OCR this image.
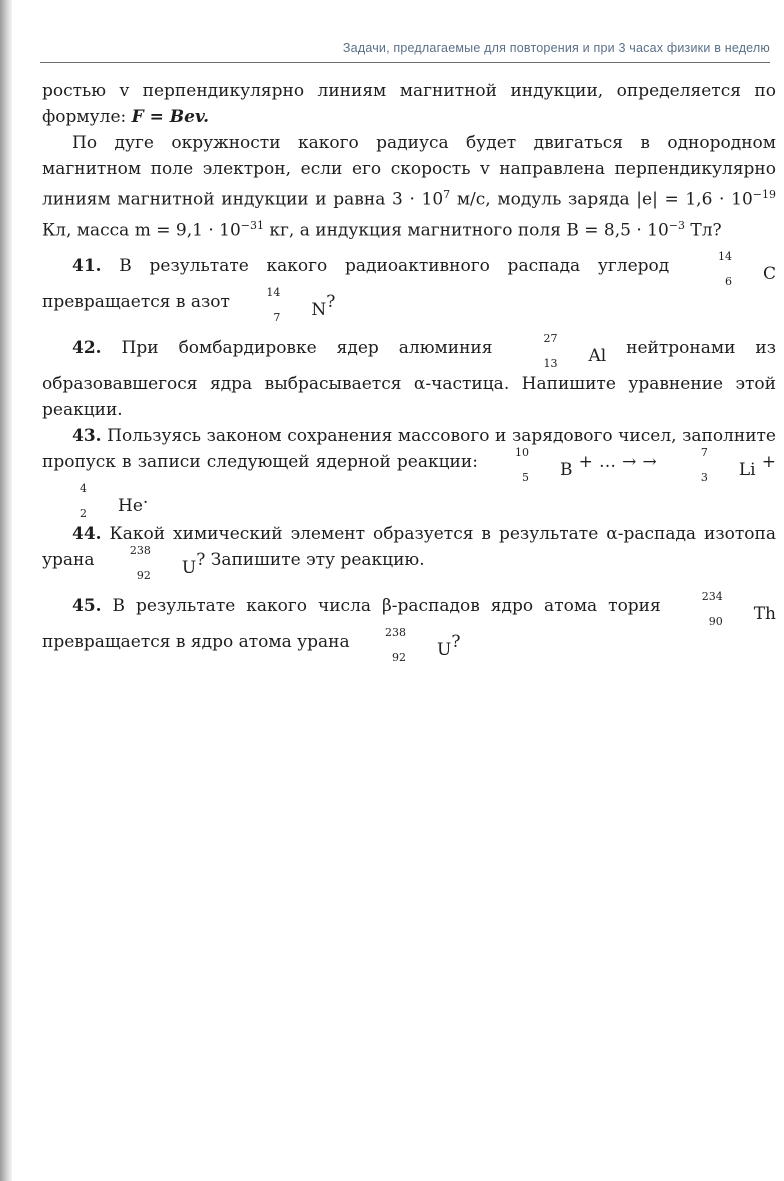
Задачи, предлагаемые для повторения и при 3 часах физики в неделю

ростью v перпендикулярно линиям магнитной индукции, определяется по формуле: F = Bev.

По дуге окружности какого радиуса будет двигаться в однородном магнитном поле электрон, если его скорость v направлена перпендикулярно линиям магнитной индукции и равна $3 \cdot 10^7$ м/с, модуль заряда $|e| = 1,6 \cdot 10^{-19}$ Кл, масса $m = 9,1 \cdot 10^{-31}$ кг, а индукция магнитного поля $B = 8,5 \cdot 10^{-3}$ Тл?

41. В результате какого радиоактивного распада углерод	14
6 C превращается в азот	14
7 N?

42. При бомбардировке ядер алюминия	27
13 Al нейтронами из образовавшегося ядра выбрасывается α-частица. Напишите уравнение этой реакции.

43. Пользуясь законом сохранения массового и зарядового чисел, заполните пропуск в записи следующей ядерной реакции:	10
5 B + … → →	7
3 Li +
4
2 He.

44. Какой химический элемент образуется в результате α-распада изотопа урана	238
92 U? Запишите эту реакцию.

45. В результате какого числа β-распадов ядро атома тория	234
90 Th превращается в ядро атома урана	238
92 U?
